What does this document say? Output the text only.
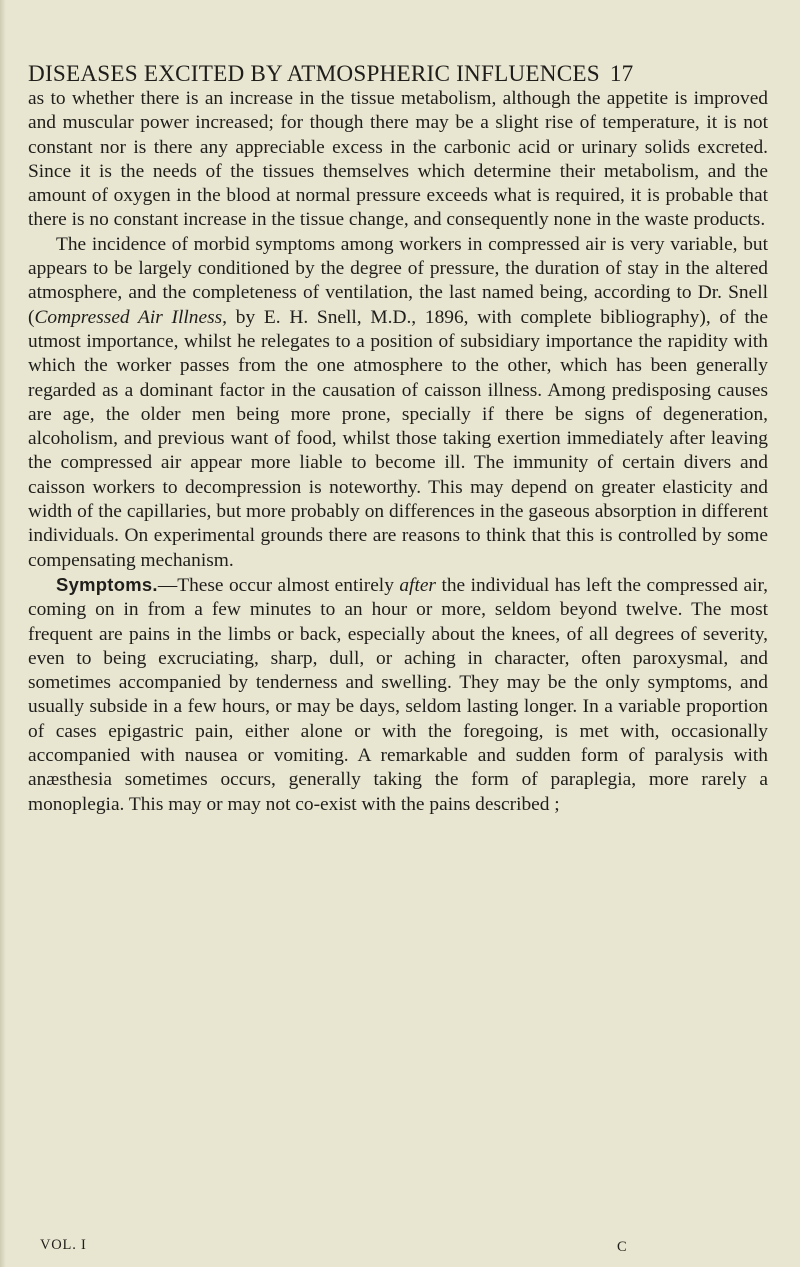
DISEASES EXCITED BY ATMOSPHERIC INFLUENCES 17

as to whether there is an increase in the tissue metabolism, although the appetite is improved and muscular power increased; for though there may be a slight rise of temperature, it is not constant nor is there any appreciable excess in the carbonic acid or urinary solids excreted. Since it is the needs of the tissues themselves which determine their metabolism, and the amount of oxygen in the blood at normal pressure exceeds what is required, it is probable that there is no constant increase in the tissue change, and consequently none in the waste products.

The incidence of morbid symptoms among workers in compressed air is very variable, but appears to be largely conditioned by the degree of pressure, the duration of stay in the altered atmosphere, and the completeness of ventilation, the last named being, according to Dr. Snell (Compressed Air Illness, by E. H. Snell, M.D., 1896, with complete bibliography), of the utmost importance, whilst he relegates to a position of subsidiary importance the rapidity with which the worker passes from the one atmosphere to the other, which has been generally regarded as a dominant factor in the causation of caisson illness. Among predisposing causes are age, the older men being more prone, specially if there be signs of degeneration, alcoholism, and previous want of food, whilst those taking exertion immediately after leaving the compressed air appear more liable to become ill. The immunity of certain divers and caisson workers to decompression is noteworthy. This may depend on greater elasticity and width of the capillaries, but more probably on differences in the gaseous absorption in different individuals. On experimental grounds there are reasons to think that this is controlled by some compensating mechanism.

Symptoms.—These occur almost entirely after the individual has left the compressed air, coming on in from a few minutes to an hour or more, seldom beyond twelve. The most frequent are pains in the limbs or back, especially about the knees, of all degrees of severity, even to being excruciating, sharp, dull, or aching in character, often paroxysmal, and sometimes accompanied by tenderness and swelling. They may be the only symptoms, and usually subside in a few hours, or may be days, seldom lasting longer. In a variable proportion of cases epigastric pain, either alone or with the foregoing, is met with, occasionally accompanied with nausea or vomiting. A remarkable and sudden form of paralysis with anæsthesia sometimes occurs, generally taking the form of paraplegia, more rarely a monoplegia. This may or may not co-exist with the pains described ;

VOL. I	C
